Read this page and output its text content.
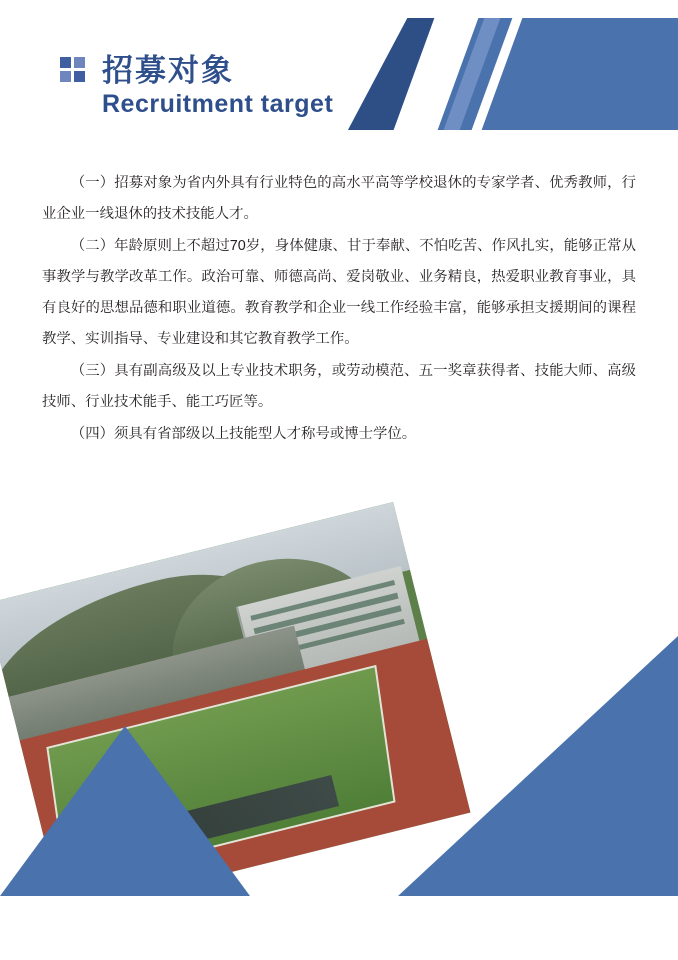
招募对象
Recruitment target

（一）招募对象为省内外具有行业特色的高水平高等学校退休的专家学者、优秀教师，行业企业一线退休的技术技能人才。

（二）年龄原则上不超过70岁，身体健康、甘于奉献、不怕吃苦、作风扎实，能够正常从事教学与教学改革工作。政治可靠、师德高尚、爱岗敬业、业务精良，热爱职业教育事业，具有良好的思想品德和职业道德。教育教学和企业一线工作经验丰富，能够承担支援期间的课程教学、实训指导、专业建设和其它教育教学工作。

（三）具有副高级及以上专业技术职务，或劳动模范、五一奖章获得者、技能大师、高级技师、行业技术能手、能工巧匠等。

（四）须具有省部级以上技能型人才称号或博士学位。
